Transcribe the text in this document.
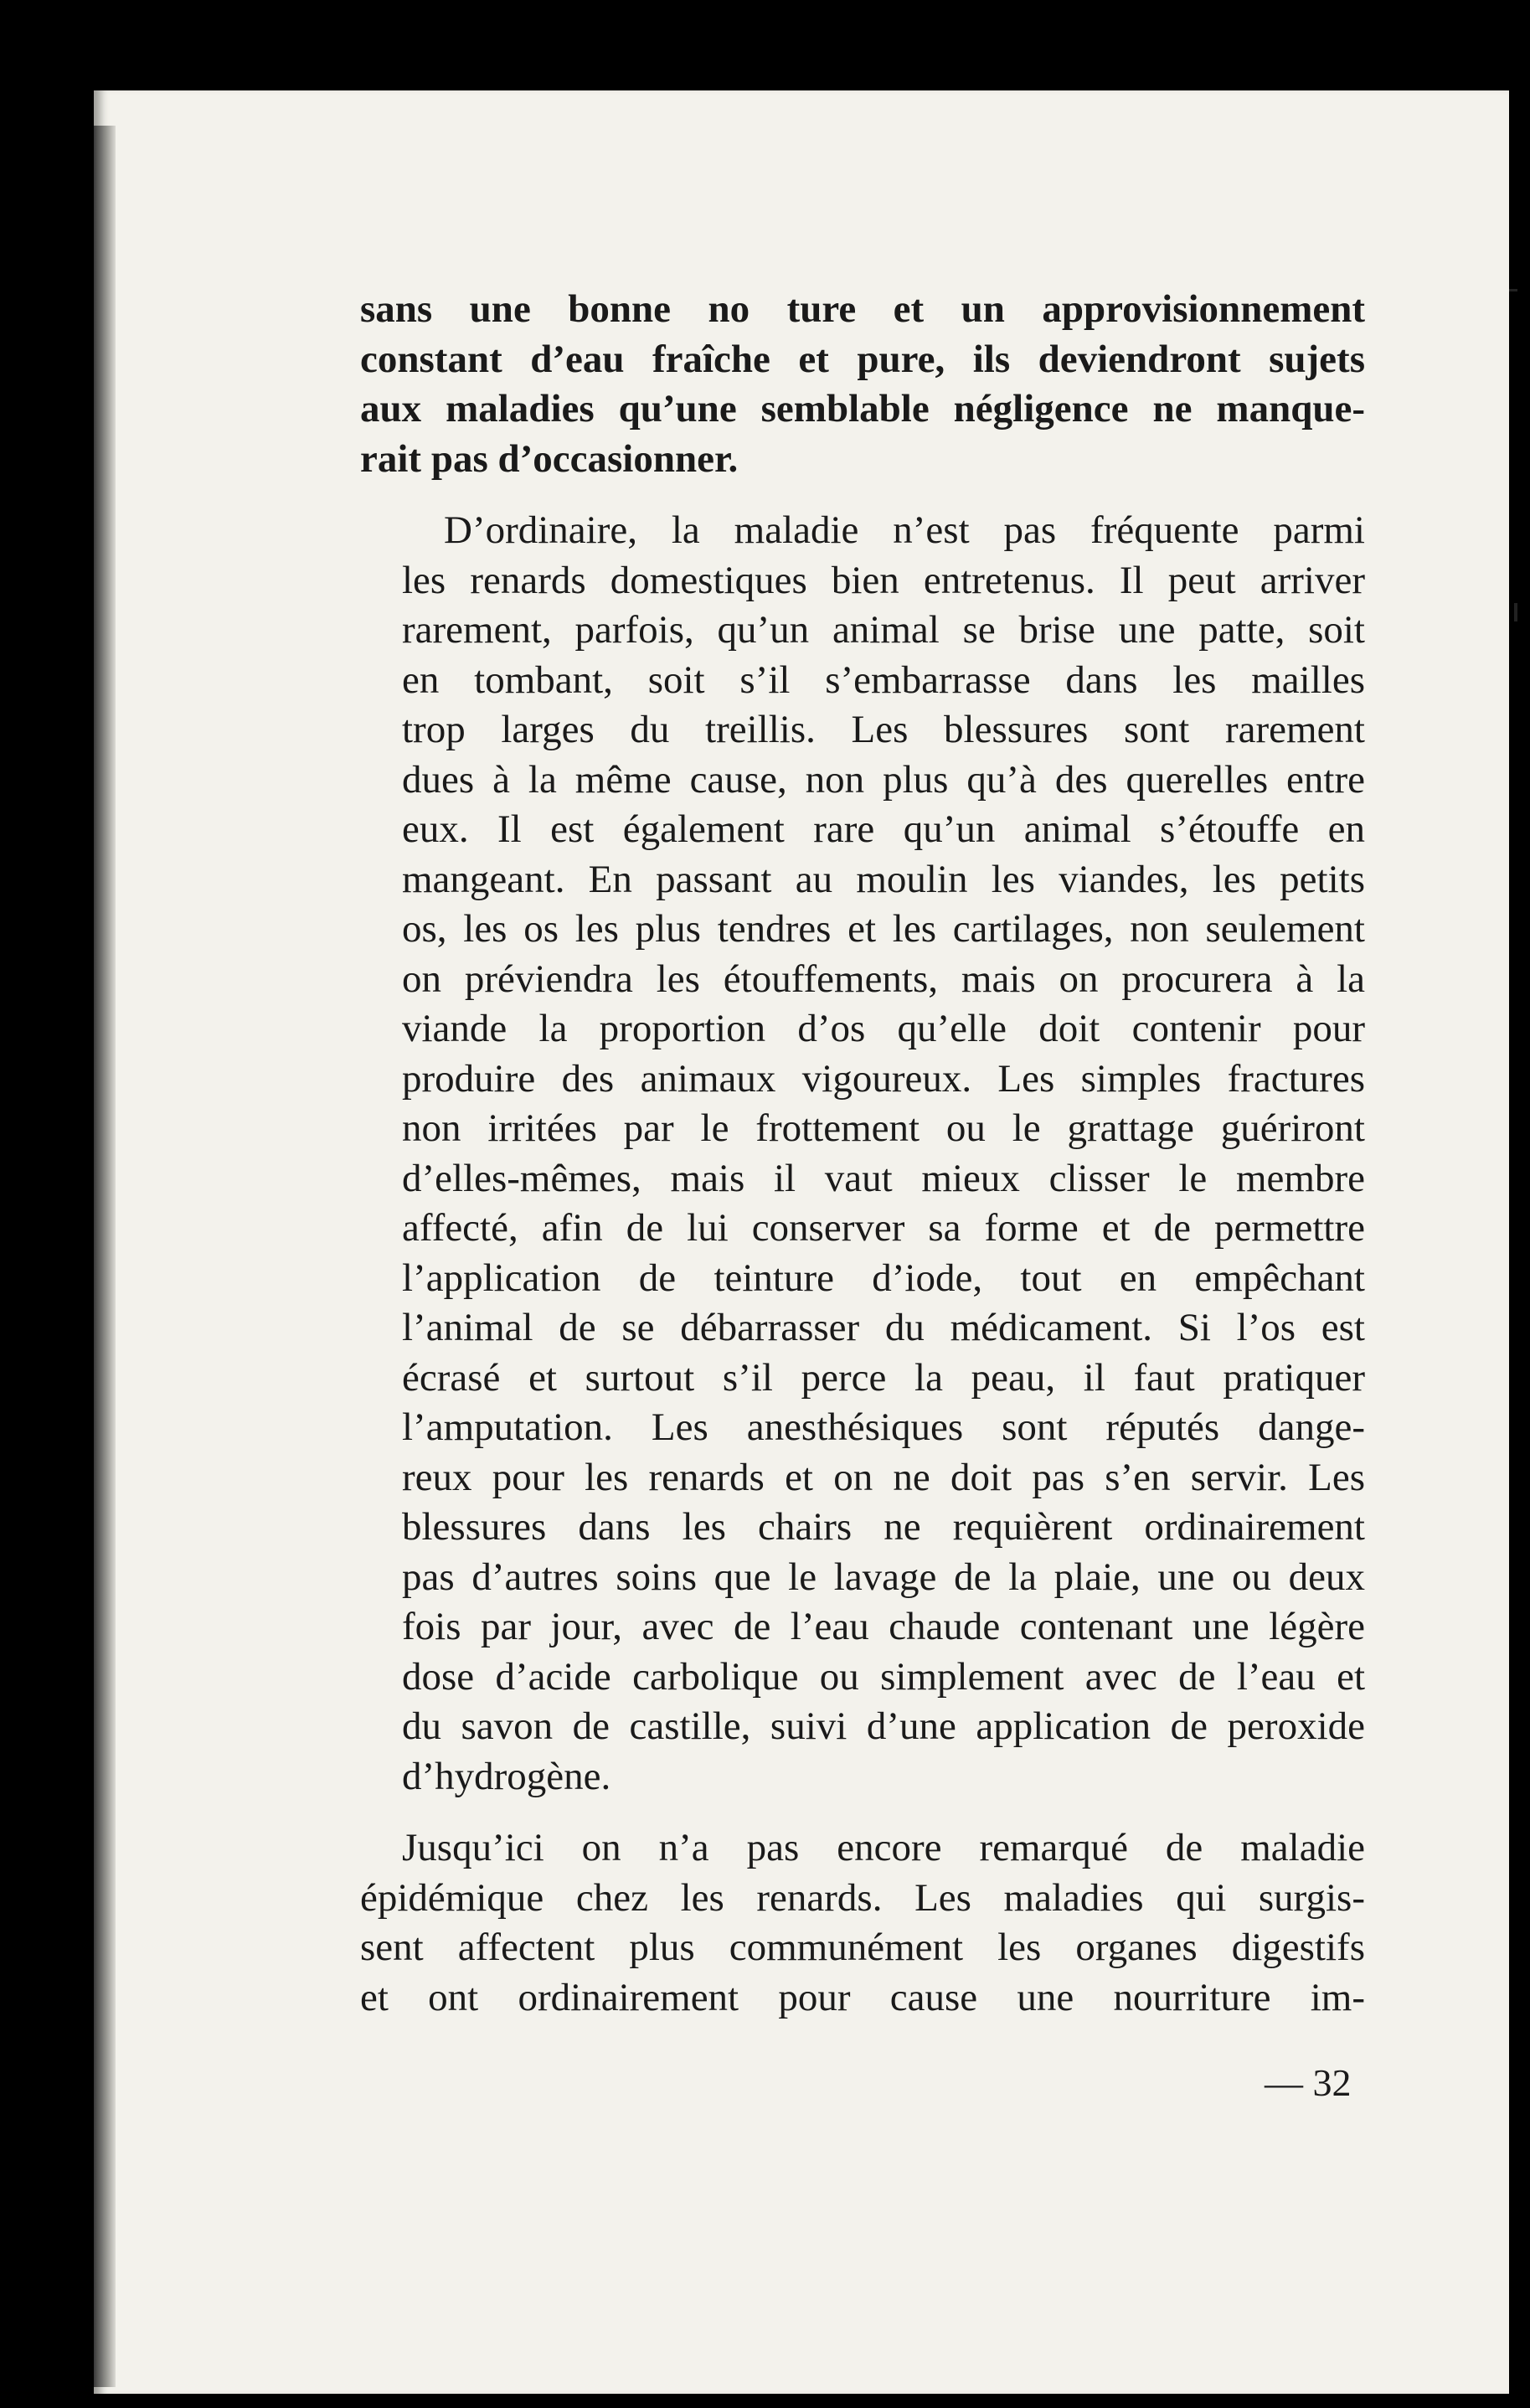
sans une bonne no ture et un approvisionnement
constant d’eau fraîche et pure, ils deviendront sujets
aux maladies qu’une semblable négligence ne manque-
rait pas d’occasionner.
D’ordinaire, la maladie n’est pas fréquente parmi
les renards domestiques bien entretenus. Il peut arriver
rarement, parfois, qu’un animal se brise une patte, soit
en tombant, soit s’il s’embarrasse dans les mailles
trop larges du treillis. Les blessures sont rarement
dues à la même cause, non plus qu’à des querelles entre
eux. Il est également rare qu’un animal s’étouffe en
mangeant. En passant au moulin les viandes, les petits
os, les os les plus tendres et les cartilages, non seulement
on préviendra les étouffements, mais on procurera à la
viande la proportion d’os qu’elle doit contenir pour
produire des animaux vigoureux. Les simples fractures
non irritées par le frottement ou le grattage guériront
d’elles-mêmes, mais il vaut mieux clisser le membre
affecté, afin de lui conserver sa forme et de permettre
l’application de teinture d’iode, tout en empêchant
l’animal de se débarrasser du médicament. Si l’os est
écrasé et surtout s’il perce la peau, il faut pratiquer
l’amputation. Les anesthésiques sont réputés dange-
reux pour les renards et on ne doit pas s’en servir. Les
blessures dans les chairs ne requièrent ordinairement
pas d’autres soins que le lavage de la plaie, une ou deux
fois par jour, avec de l’eau chaude contenant une légère
dose d’acide carbolique ou simplement avec de l’eau et
du savon de castille, suivi d’une application de peroxide
d’hydrogène.
Jusqu’ici on n’a pas encore remarqué de maladie
épidémique chez les renards. Les maladies qui surgis-
sent affectent plus communément les organes digestifs
et ont ordinairement pour cause une nourriture im-
— 32
